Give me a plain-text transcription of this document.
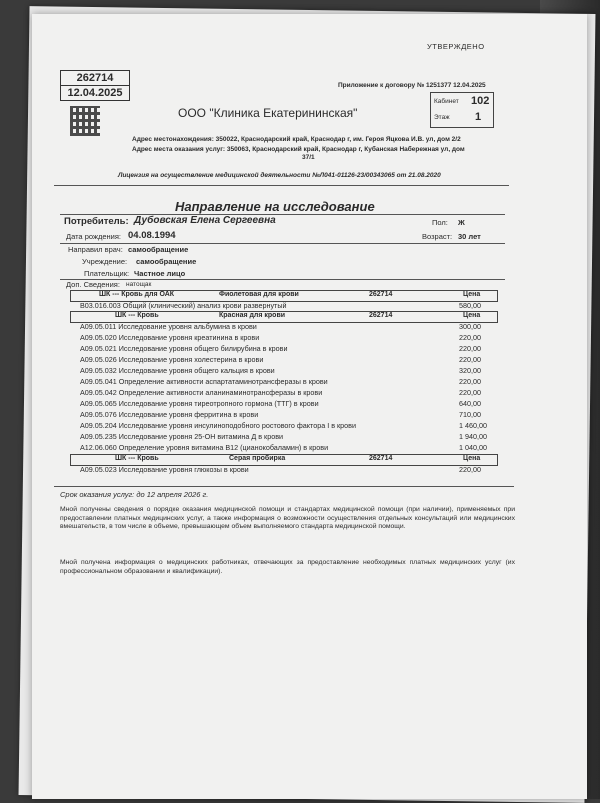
УТВЕРЖДЕНО
262714
12.04.2025
Приложение к договору № 1251377 12.04.2025
Кабинет 102
Этаж 1
ООО "Клиника Екатерининская"
Адрес местонахождения: 350022, Краснодарский край, Краснодар г, им. Героя Яцкова И.В. ул, дом 2/2
Адрес места оказания услуг: 350063, Краснодарский край, Краснодар г, Кубанская Набережная ул, дом
37/1
Лицензия на осуществление медицинской деятельности №Л041-01126-23/00343065 от 21.08.2020
Направление на исследование
Потребитель: Дубовская Елена Сергеевна	Пол: Ж
Дата рождения: 04.08.1994	Возраст: 30 лет
Направил врач: самообращение
Учреждение: самообращение
Плательщик: Частное лицо
Доп. Сведения: натощак
ШК --- Кровь для ОАК	Фиолетовая для крови	262714	Цена
В03.016.003 Общий (клинический) анализ крови развернутый	580,00
ШК --- Кровь	Красная для крови	262714	Цена
A09.05.011 Исследование уровня альбумина в крови	300,00
A09.05.020 Исследование уровня креатинина в крови	220,00
A09.05.021 Исследование уровня общего билирубина в крови	220,00
A09.05.026 Исследование уровня холестерина в крови	220,00
A09.05.032 Исследование уровня общего кальция в крови	320,00
A09.05.041 Определение активности аспартатаминотрансферазы в крови	220,00
A09.05.042 Определение активности аланинаминотрансферазы в крови	220,00
A09.05.065 Исследование уровня тиреотропного гормона (ТТГ) в крови	640,00
A09.05.076 Исследование уровня ферритина в крови	710,00
A09.05.204 Исследование уровня инсулиноподобного ростового фактора I в крови	1 460,00
A09.05.235 Исследование уровня 25-ОН витамина Д в крови	1 940,00
A12.06.060 Определение уровня витамина В12 (цианокобаламин) в крови	1 040,00
ШК --- Кровь	Серая пробирка	262714	Цена
A09.05.023 Исследование уровня глюкозы в крови	220,00
Срок оказания услуг: до 12 апреля 2026 г.
Мной получены сведения о порядке оказания медицинской помощи и стандартах медицинской помощи (при наличии), применяемых при предоставлении платных медицинских услуг, а также информация о возможности осуществления отдельных консультаций или медицинских вмешательств, в том числе в объеме, превышающем объем выполняемого стандарта медицинской помощи.
Мной получена информация о медицинских работниках, отвечающих за предоставление необходимых платных медицинских услуг (их профессиональном образовании и квалификации).
